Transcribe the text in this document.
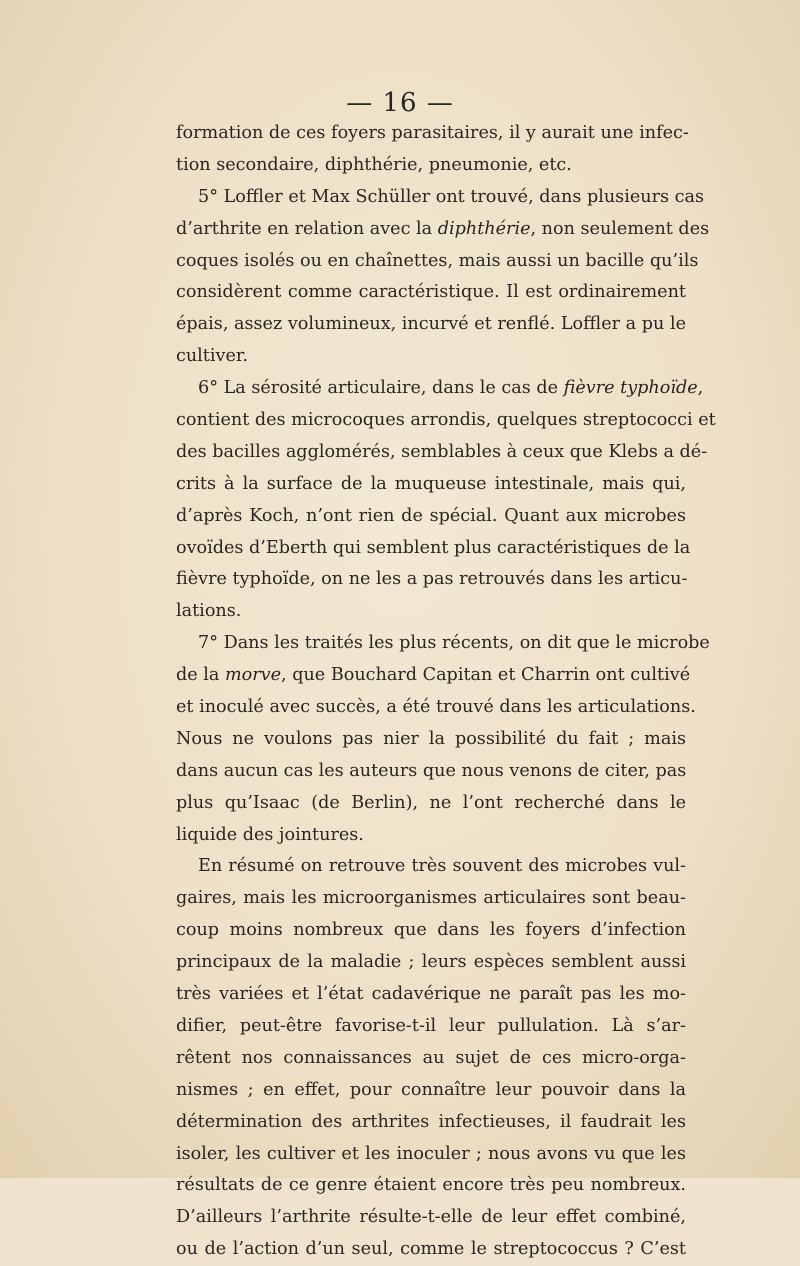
— 16 —
formation de ces foyers parasitaires, il y aurait une infec-
tion secondaire, diphthérie, pneumonie, etc.
5° Loffler et Max Schüller ont trouvé, dans plusieurs cas
d’arthrite en relation avec la diphthérie, non seulement des
coques isolés ou en chaînettes, mais aussi un bacille qu’ils
considèrent comme caractéristique. Il est ordinairement
épais, assez volumineux, incurvé et renflé. Loffler a pu le
cultiver.
6° La sérosité articulaire, dans le cas de fièvre typhoïde,
contient des microcoques arrondis, quelques streptococci et
des bacilles agglomérés, semblables à ceux que Klebs a dé-
crits à la surface de la muqueuse intestinale, mais qui,
d’après Koch, n’ont rien de spécial. Quant aux microbes
ovoïdes d’Eberth qui semblent plus caractéristiques de la
fièvre typhoïde, on ne les a pas retrouvés dans les articu-
lations.
7° Dans les traités les plus récents, on dit que le microbe
de la morve, que Bouchard Capitan et Charrin ont cultivé
et inoculé avec succès, a été trouvé dans les articulations.
Nous ne voulons pas nier la possibilité du fait ; mais
dans aucun cas les auteurs que nous venons de citer, pas
plus qu’Isaac (de Berlin), ne l’ont recherché dans le
liquide des jointures.
En résumé on retrouve très souvent des microbes vul-
gaires, mais les microorganismes articulaires sont beau-
coup moins nombreux que dans les foyers d’infection
principaux de la maladie ; leurs espèces semblent aussi
très variées et l’état cadavérique ne paraît pas les mo-
difier, peut-être favorise-t-il leur pullulation. Là s’ar-
rêtent nos connaissances au sujet de ces micro-orga-
nismes ; en effet, pour connaître leur pouvoir dans la
détermination des arthrites infectieuses, il faudrait les
isoler, les cultiver et les inoculer ; nous avons vu que les
résultats de ce genre étaient encore très peu nombreux.
D’ailleurs l’arthrite résulte-t-elle de leur effet combiné,
ou de l’action d’un seul, comme le streptococcus ? C’est
